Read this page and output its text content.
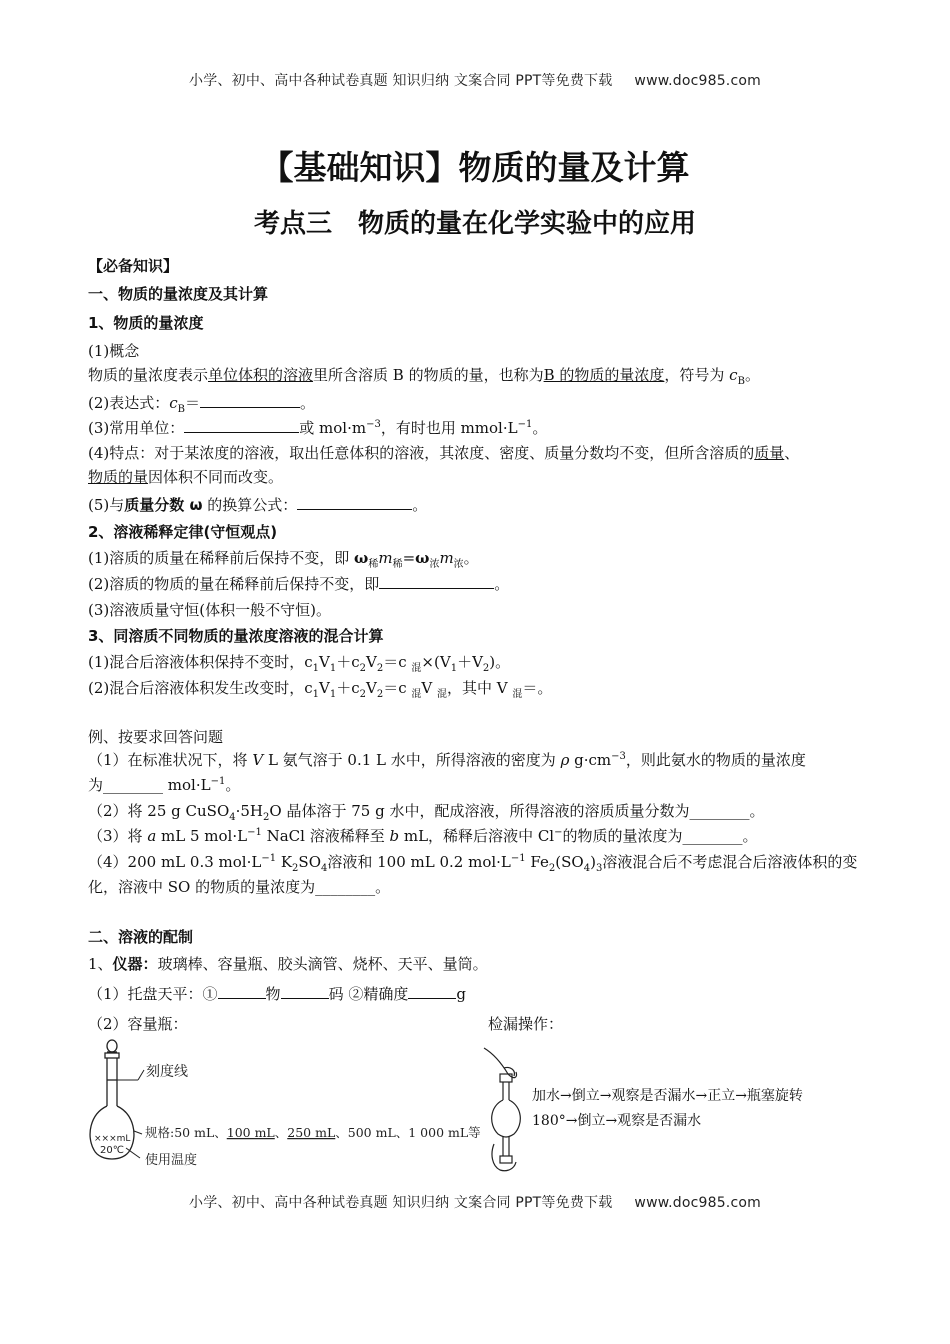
小学、初中、高中各种试卷真题 知识归纳 文案合同 PPT等免费下载 www.doc985.com
【基础知识】物质的量及计算
考点三　物质的量在化学实验中的应用
【必备知识】
一、物质的量浓度及其计算
1、物质的量浓度
(1)概念
物质的量浓度表示单位体积的溶液里所含溶质 B 的物质的量，也称为B 的物质的量浓度，符号为 $c_B$。
(2)表达式：$c_B=$	。
(3)常用单位：	或 $mol\cdot m^{-3}$，有时也用 $mmol\cdot L^{-1}$。
(4)特点：对于某浓度的溶液，取出任意体积的溶液，其浓度、密度、质量分数均不变，但所含溶质的质量、
物质的量因体积不同而改变。
(5)与质量分数 ω 的换算公式：	。
2、溶液稀释定律(守恒观点)
(1)溶质的质量在稀释前后保持不变，即 $\omega_稀m_稀=\omega_浓m_浓$。
(2)溶质的物质的量在稀释前后保持不变，即	。
(3)溶液质量守恒(体积一般不守恒)。
3、同溶质不同物质的量浓度溶液的混合计算
(1)混合后溶液体积保持不变时，$c_1V_1+c_2V_2=c$ $_混\times(V_1+V_2)$。
(2)混合后溶液体积发生改变时，$c_1V_1+c_2V_2=c$ $_混$V $_混$，其中 V $_混$＝。
例、按要求回答问题
（1）在标准状况下，将 V L 氨气溶于 0.1 L 水中，所得溶液的密度为 ρ $g\cdot cm^{-3}$，则此氨水的物质的量浓度
为________ $mol\cdot L^{-1}$。
（2）将 25 g $CuSO_4\cdot 5H_2O$ 晶体溶于 75 g 水中，配成溶液，所得溶液的溶质质量分数为________。
（3）将 a mL 5 $mol\cdot L^{-1}$ NaCl 溶液稀释至 b mL，稀释后溶液中 Cl−的物质的量浓度为________。
（4）200 mL 0.3 $mol\cdot L^{-1}$ $K_2SO_4$溶液和 100 mL 0.2 $mol\cdot L^{-1}$ $Fe_2(SO_4)_3$溶液混合后不考虑混合后溶液体积的变
化，溶液中 SO 的物质的量浓度为________。
二、溶液的配制
1、仪器：玻璃棒、容量瓶、胶头滴管、烧杯、天平、量筒。
（1）托盘天平：①	物	码 ②精确度	g
（2）容量瓶：	检漏操作：
刻度线
×××mL
20℃
规格:50 mL、100 mL、250 mL、500 mL、1 000 mL等
使用温度
加水→倒立→观察是否漏水→正立→瓶塞旋转
180°→倒立→观察是否漏水
小学、初中、高中各种试卷真题 知识归纳 文案合同 PPT等免费下载 www.doc985.com
